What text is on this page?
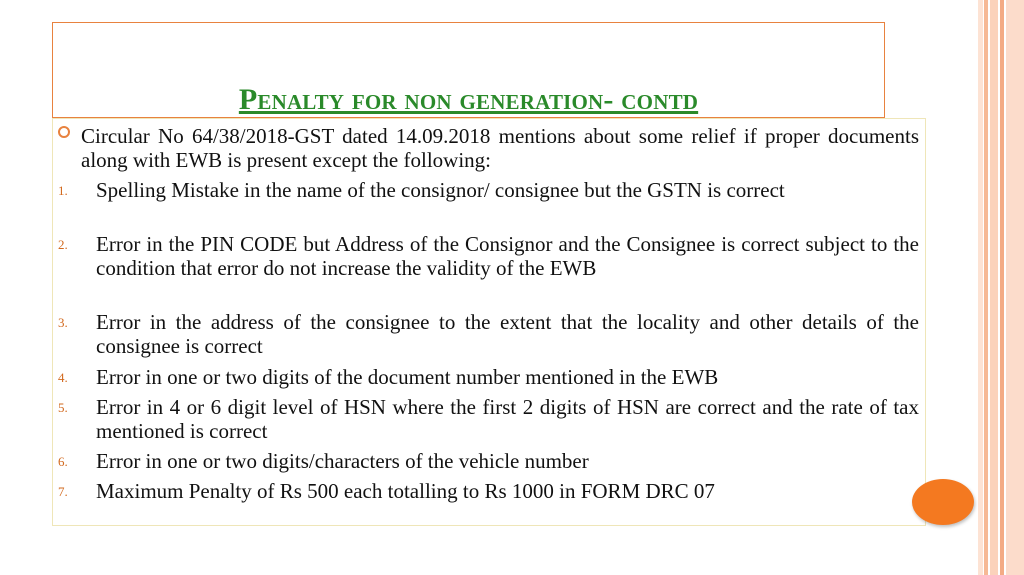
Penalty for non generation- contd
Circular No 64/38/2018-GST dated 14.09.2018 mentions about some relief if proper documents along with EWB is present except the following:
1. Spelling Mistake in the name of the consignor/ consignee but the GSTN is correct
2. Error in the PIN CODE but Address of the Consignor and the Consignee is correct subject to the condition that error do not increase the validity of the EWB
3. Error in the address of the consignee to the extent that the locality and other details of the consignee is correct
4. Error in one or two digits of the document number mentioned in the EWB
5. Error in 4 or 6 digit level of HSN where the first 2 digits of HSN are correct and the rate of tax mentioned is correct
6. Error in one or two digits/characters of the vehicle number
7. Maximum Penalty of Rs 500 each totalling to Rs 1000 in FORM DRC 07
